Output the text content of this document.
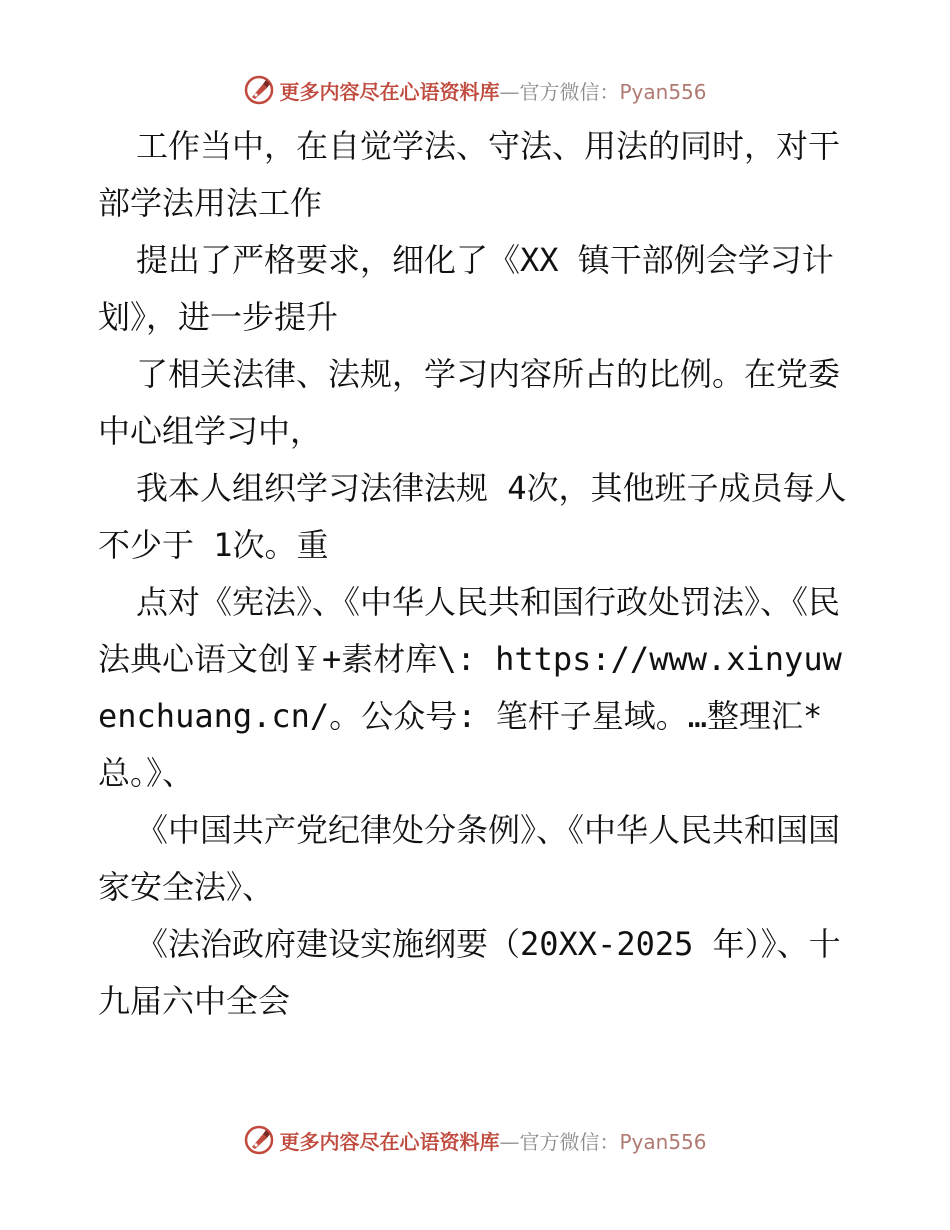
更多内容尽在心语资料库—官方微信：Pyan556

工作当中，在自觉学法、守法、用法的同时，对干部学法用法工作

提出了严格要求，细化了《XX 镇干部例会学习计划》，进一步提升

了相关法律、法规，学习内容所占的比例。在党委中心组学习中，

我本人组织学习法律法规 4次，其他班子成员每人不少于 1次。重

点对《宪法》、《中华人民共和国行政处罚法》、《民法典心语文创￥+素材库\: https://www.xinyuwenchuang.cn/。公众号: 笔杆子星域。…整理汇*总。》、

《中国共产党纪律处分条例》、《中华人民共和国国家安全法》、

《法治政府建设实施纲要（20XX-2025 年）》、十九届六中全会

更多内容尽在心语资料库—官方微信：Pyan556
